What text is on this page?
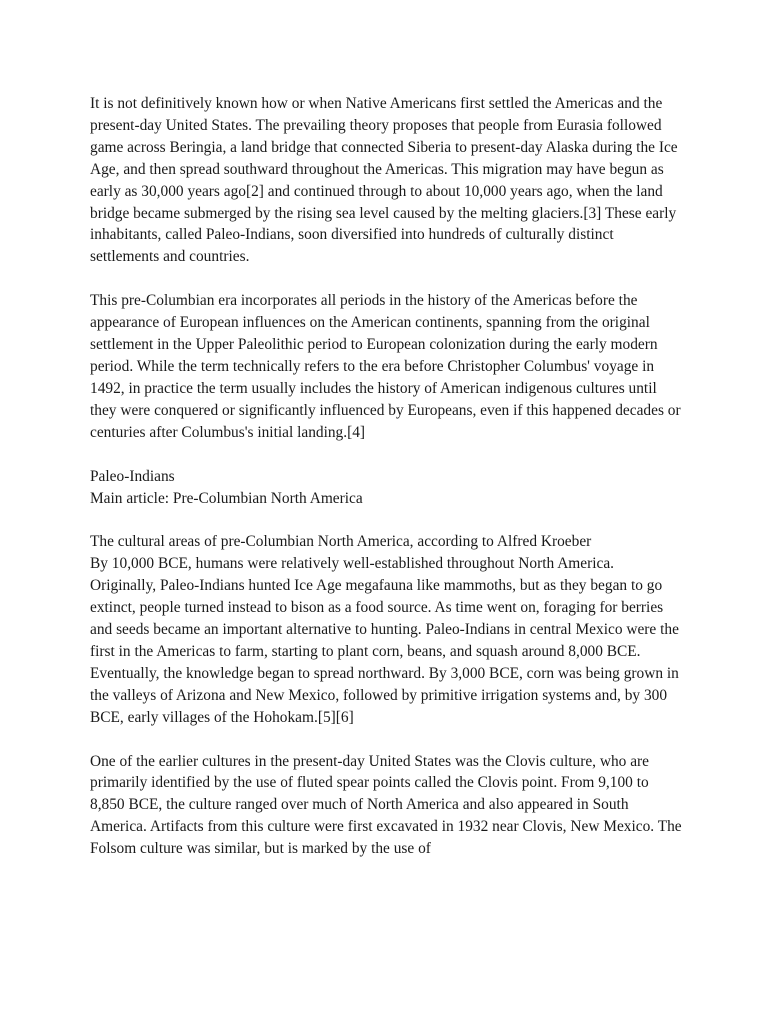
It is not definitively known how or when Native Americans first settled the Americas and the present-day United States. The prevailing theory proposes that people from Eurasia followed game across Beringia, a land bridge that connected Siberia to present-day Alaska during the Ice Age, and then spread southward throughout the Americas. This migration may have begun as early as 30,000 years ago[2] and continued through to about 10,000 years ago, when the land bridge became submerged by the rising sea level caused by the melting glaciers.[3] These early inhabitants, called Paleo-Indians, soon diversified into hundreds of culturally distinct settlements and countries.

This pre-Columbian era incorporates all periods in the history of the Americas before the appearance of European influences on the American continents, spanning from the original settlement in the Upper Paleolithic period to European colonization during the early modern period. While the term technically refers to the era before Christopher Columbus' voyage in 1492, in practice the term usually includes the history of American indigenous cultures until they were conquered or significantly influenced by Europeans, even if this happened decades or centuries after Columbus's initial landing.[4]

Paleo-Indians
Main article: Pre-Columbian North America

The cultural areas of pre-Columbian North America, according to Alfred Kroeber
By 10,000 BCE, humans were relatively well-established throughout North America. Originally, Paleo-Indians hunted Ice Age megafauna like mammoths, but as they began to go extinct, people turned instead to bison as a food source. As time went on, foraging for berries and seeds became an important alternative to hunting. Paleo-Indians in central Mexico were the first in the Americas to farm, starting to plant corn, beans, and squash around 8,000 BCE. Eventually, the knowledge began to spread northward. By 3,000 BCE, corn was being grown in the valleys of Arizona and New Mexico, followed by primitive irrigation systems and, by 300 BCE, early villages of the Hohokam.[5][6]

One of the earlier cultures in the present-day United States was the Clovis culture, who are primarily identified by the use of fluted spear points called the Clovis point. From 9,100 to 8,850 BCE, the culture ranged over much of North America and also appeared in South America. Artifacts from this culture were first excavated in 1932 near Clovis, New Mexico. The Folsom culture was similar, but is marked by the use of
